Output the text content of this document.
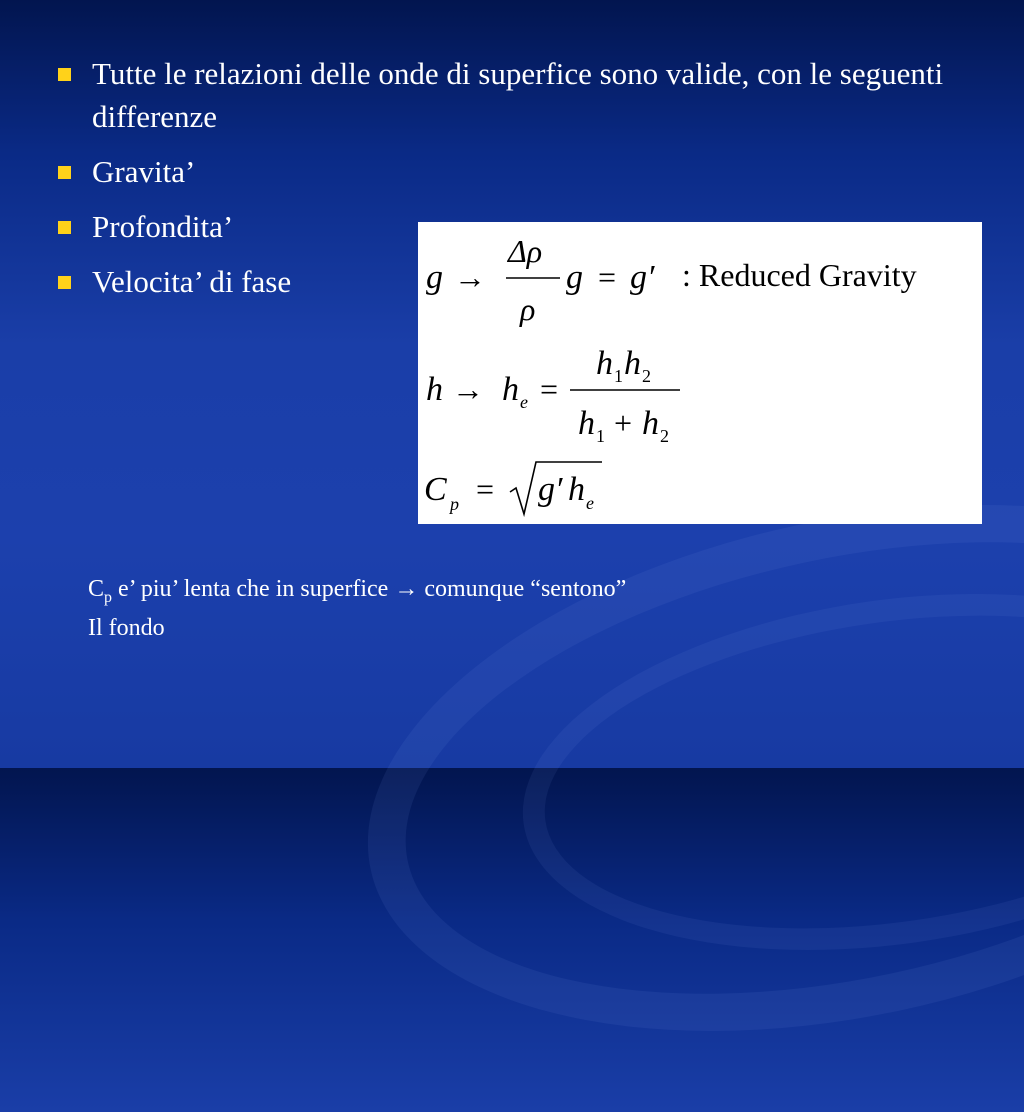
Tutte le relazioni delle onde di superfice sono valide, con le seguenti differenze
Gravita’
Profondita’
Velocita’ di fase	g →
Δρ
ρ
g = g′ : Reduced Gravity
h → h e =
h 1 h 2
h 1 + h 2
C p = g′ h e
$C_p$ e’ piu’ lenta che in superfice → comunque “sentono”
Il fondo
